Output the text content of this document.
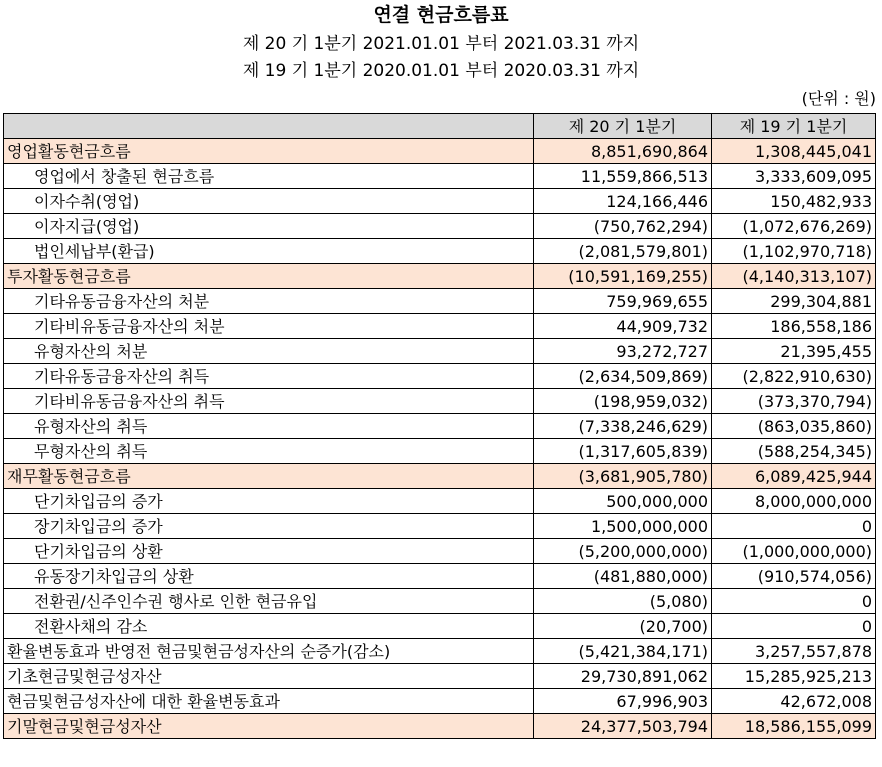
연결 현금흐름표
제 20 기 1분기 2021.01.01 부터 2021.03.31 까지
제 19 기 1분기 2020.01.01 부터 2020.03.31 까지
(단위 : 원)
	제 20 기 1분기	제 19 기 1분기
영업활동현금흐름	8,851,690,864	1,308,445,041
영업에서 창출된 현금흐름	11,559,866,513	3,333,609,095
이자수취(영업)	124,166,446	150,482,933
이자지급(영업)	(750,762,294)	(1,072,676,269)
법인세납부(환급)	(2,081,579,801)	(1,102,970,718)
투자활동현금흐름	(10,591,169,255)	(4,140,313,107)
기타유동금융자산의 처분	759,969,655	299,304,881
기타비유동금융자산의 처분	44,909,732	186,558,186
유형자산의 처분	93,272,727	21,395,455
기타유동금융자산의 취득	(2,634,509,869)	(2,822,910,630)
기타비유동금융자산의 취득	(198,959,032)	(373,370,794)
유형자산의 취득	(7,338,246,629)	(863,035,860)
무형자산의 취득	(1,317,605,839)	(588,254,345)
재무활동현금흐름	(3,681,905,780)	6,089,425,944
단기차입금의 증가	500,000,000	8,000,000,000
장기차입금의 증가	1,500,000,000	0
단기차입금의 상환	(5,200,000,000)	(1,000,000,000)
유동장기차입금의 상환	(481,880,000)	(910,574,056)
전환권/신주인수권 행사로 인한 현금유입	(5,080)	0
전환사채의 감소	(20,700)	0
환율변동효과 반영전 현금및현금성자산의 순증가(감소)	(5,421,384,171)	3,257,557,878
기초현금및현금성자산	29,730,891,062	15,285,925,213
현금및현금성자산에 대한 환율변동효과	67,996,903	42,672,008
기말현금및현금성자산	24,377,503,794	18,586,155,099
